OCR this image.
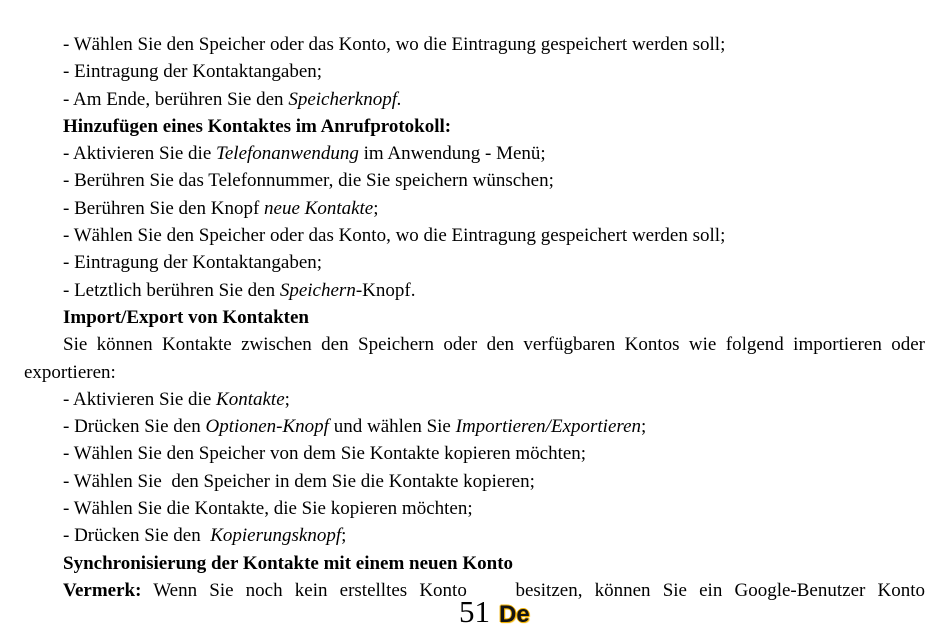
- Wählen Sie den Speicher oder das Konto, wo die Eintragung gespeichert werden soll;
- Eintragung der Kontaktangaben;
- Am Ende, berühren Sie den Speicherknopf.
Hinzufügen eines Kontaktes im Anrufprotokoll:
- Aktivieren Sie die Telefonanwendung im Anwendung - Menü;
- Berühren Sie das Telefonnummer, die Sie speichern wünschen;
- Berühren Sie den Knopf neue Kontakte;
- Wählen Sie den Speicher oder das Konto, wo die Eintragung gespeichert werden soll;
- Eintragung der Kontaktangaben;
- Letztlich berühren Sie den Speichern-Knopf.
Import/Export von Kontakten
Sie können Kontakte zwischen den Speichern oder den verfügbaren Kontos wie folgend importieren oder
exportieren:
- Aktivieren Sie die Kontakte;
- Drücken Sie den Optionen-Knopf und wählen Sie Importieren/Exportieren;
- Wählen Sie den Speicher von dem Sie Kontakte kopieren möchten;
- Wählen Sie  den Speicher in dem Sie die Kontakte kopieren;
- Wählen Sie die Kontakte, die Sie kopieren möchten;
- Drücken Sie den  Kopierungsknopf;
Synchronisierung der Kontakte mit einem neuen Konto
Vermerk: Wenn Sie noch kein erstelltes Konto    besitzen, können Sie ein Google-Benutzer Konto
51 De
